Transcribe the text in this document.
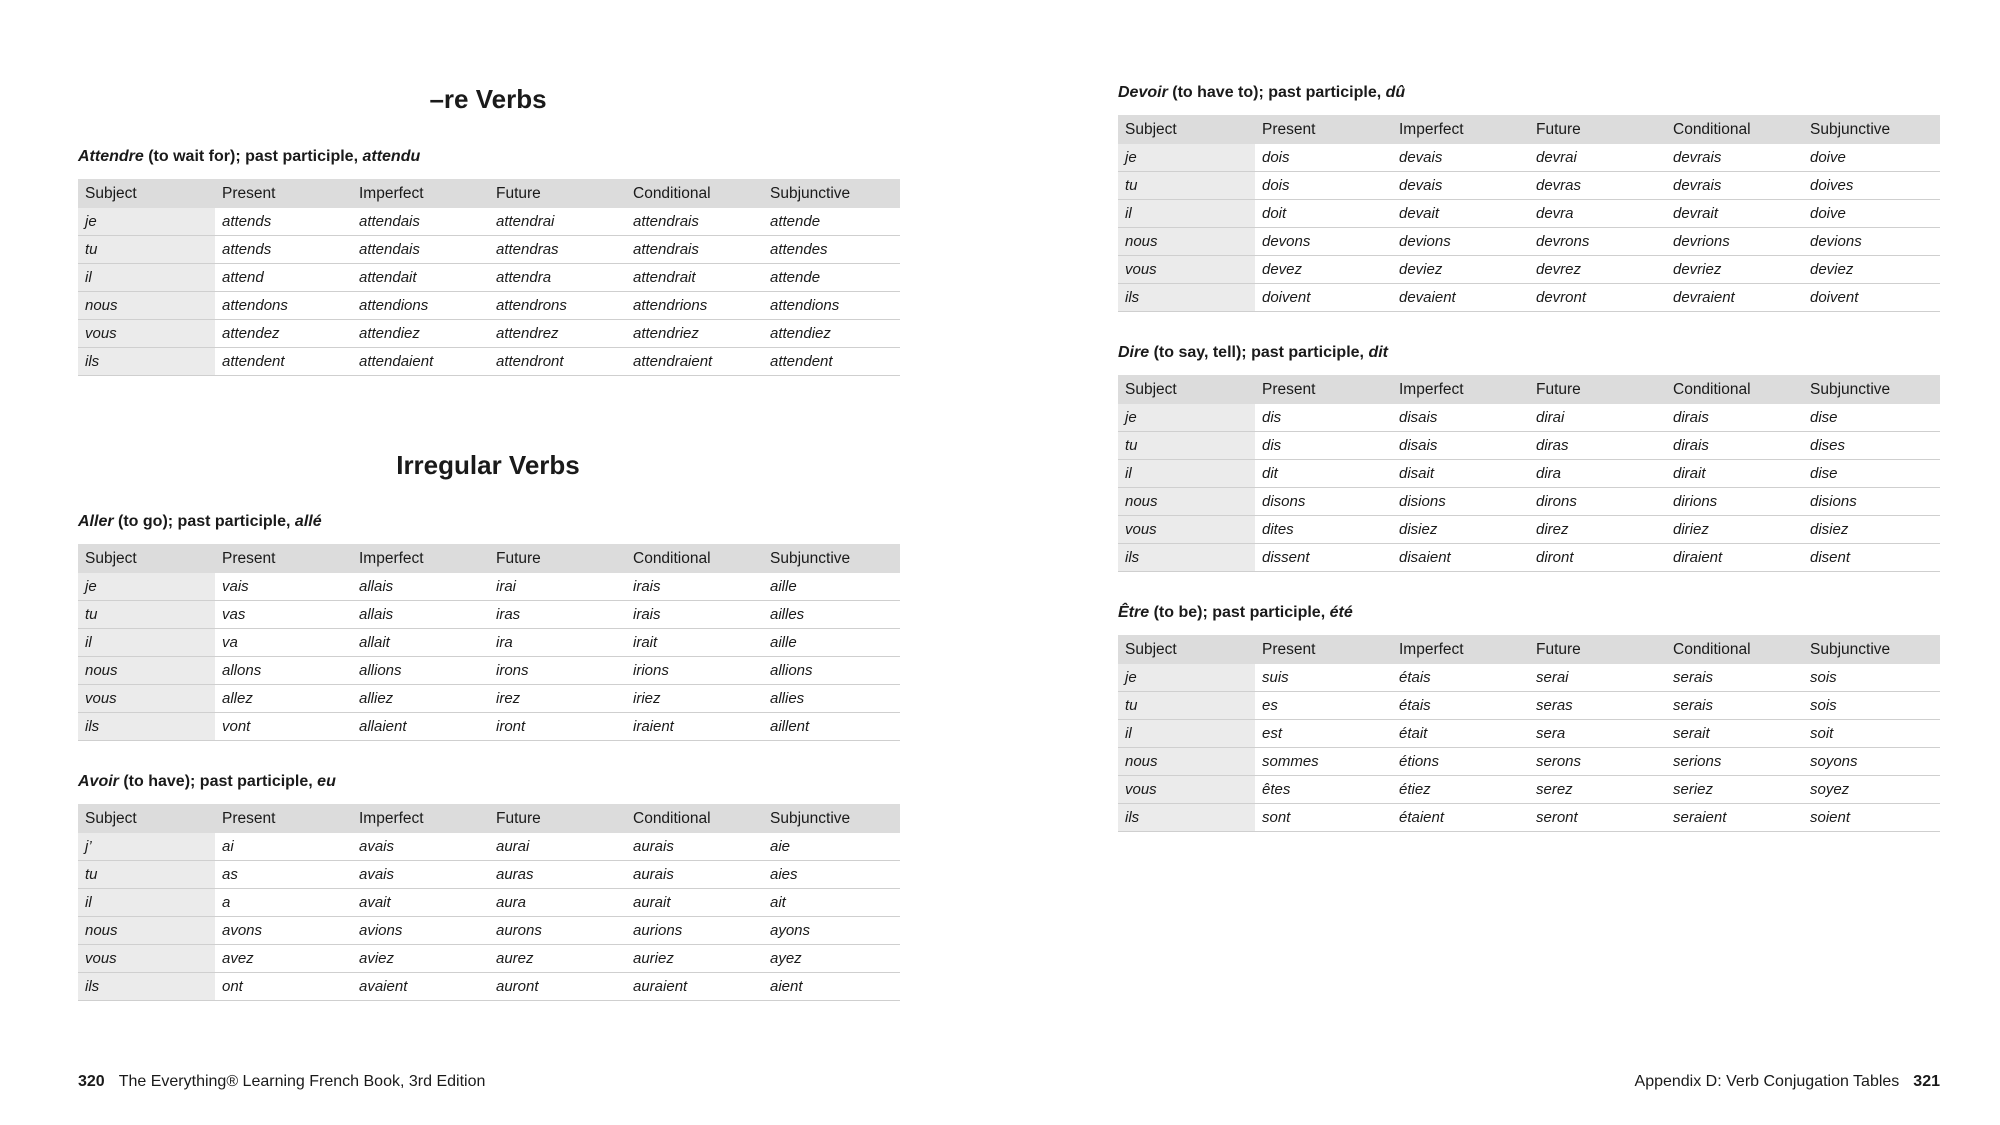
–re Verbs
Attendre (to wait for); past participle, attendu
Subject	Present	Imperfect	Future	Conditional	Subjunctive
je	attends	attendais	attendrai	attendrais	attende
tu	attends	attendais	attendras	attendrais	attendes
il	attend	attendait	attendra	attendrait	attende
nous	attendons	attendions	attendrons	attendrions	attendions
vous	attendez	attendiez	attendrez	attendriez	attendiez
ils	attendent	attendaient	attendront	attendraient	attendent
Irregular Verbs
Aller (to go); past participle, allé
Subject	Present	Imperfect	Future	Conditional	Subjunctive
je	vais	allais	irai	irais	aille
tu	vas	allais	iras	irais	ailles
il	va	allait	ira	irait	aille
nous	allons	allions	irons	irions	allions
vous	allez	alliez	irez	iriez	allies
ils	vont	allaient	iront	iraient	aillent
Avoir (to have); past participle, eu
Subject	Present	Imperfect	Future	Conditional	Subjunctive
j’	ai	avais	aurai	aurais	aie
tu	as	avais	auras	aurais	aies
il	a	avait	aura	aurait	ait
nous	avons	avions	aurons	aurions	ayons
vous	avez	aviez	aurez	auriez	ayez
ils	ont	avaient	auront	auraient	aient
320 The Everything® Learning French Book, 3rd Edition
Devoir (to have to); past participle, dû
Subject	Present	Imperfect	Future	Conditional	Subjunctive
je	dois	devais	devrai	devrais	doive
tu	dois	devais	devras	devrais	doives
il	doit	devait	devra	devrait	doive
nous	devons	devions	devrons	devrions	devions
vous	devez	deviez	devrez	devriez	deviez
ils	doivent	devaient	devront	devraient	doivent
Dire (to say, tell); past participle, dit
Subject	Present	Imperfect	Future	Conditional	Subjunctive
je	dis	disais	dirai	dirais	dise
tu	dis	disais	diras	dirais	dises
il	dit	disait	dira	dirait	dise
nous	disons	disions	dirons	dirions	disions
vous	dites	disiez	direz	diriez	disiez
ils	dissent	disaient	diront	diraient	disent
Être (to be); past participle, été
Subject	Present	Imperfect	Future	Conditional	Subjunctive
je	suis	étais	serai	serais	sois
tu	es	étais	seras	serais	sois
il	est	était	sera	serait	soit
nous	sommes	étions	serons	serions	soyons
vous	êtes	étiez	serez	seriez	soyez
ils	sont	étaient	seront	seraient	soient
Appendix D: Verb Conjugation Tables 321
